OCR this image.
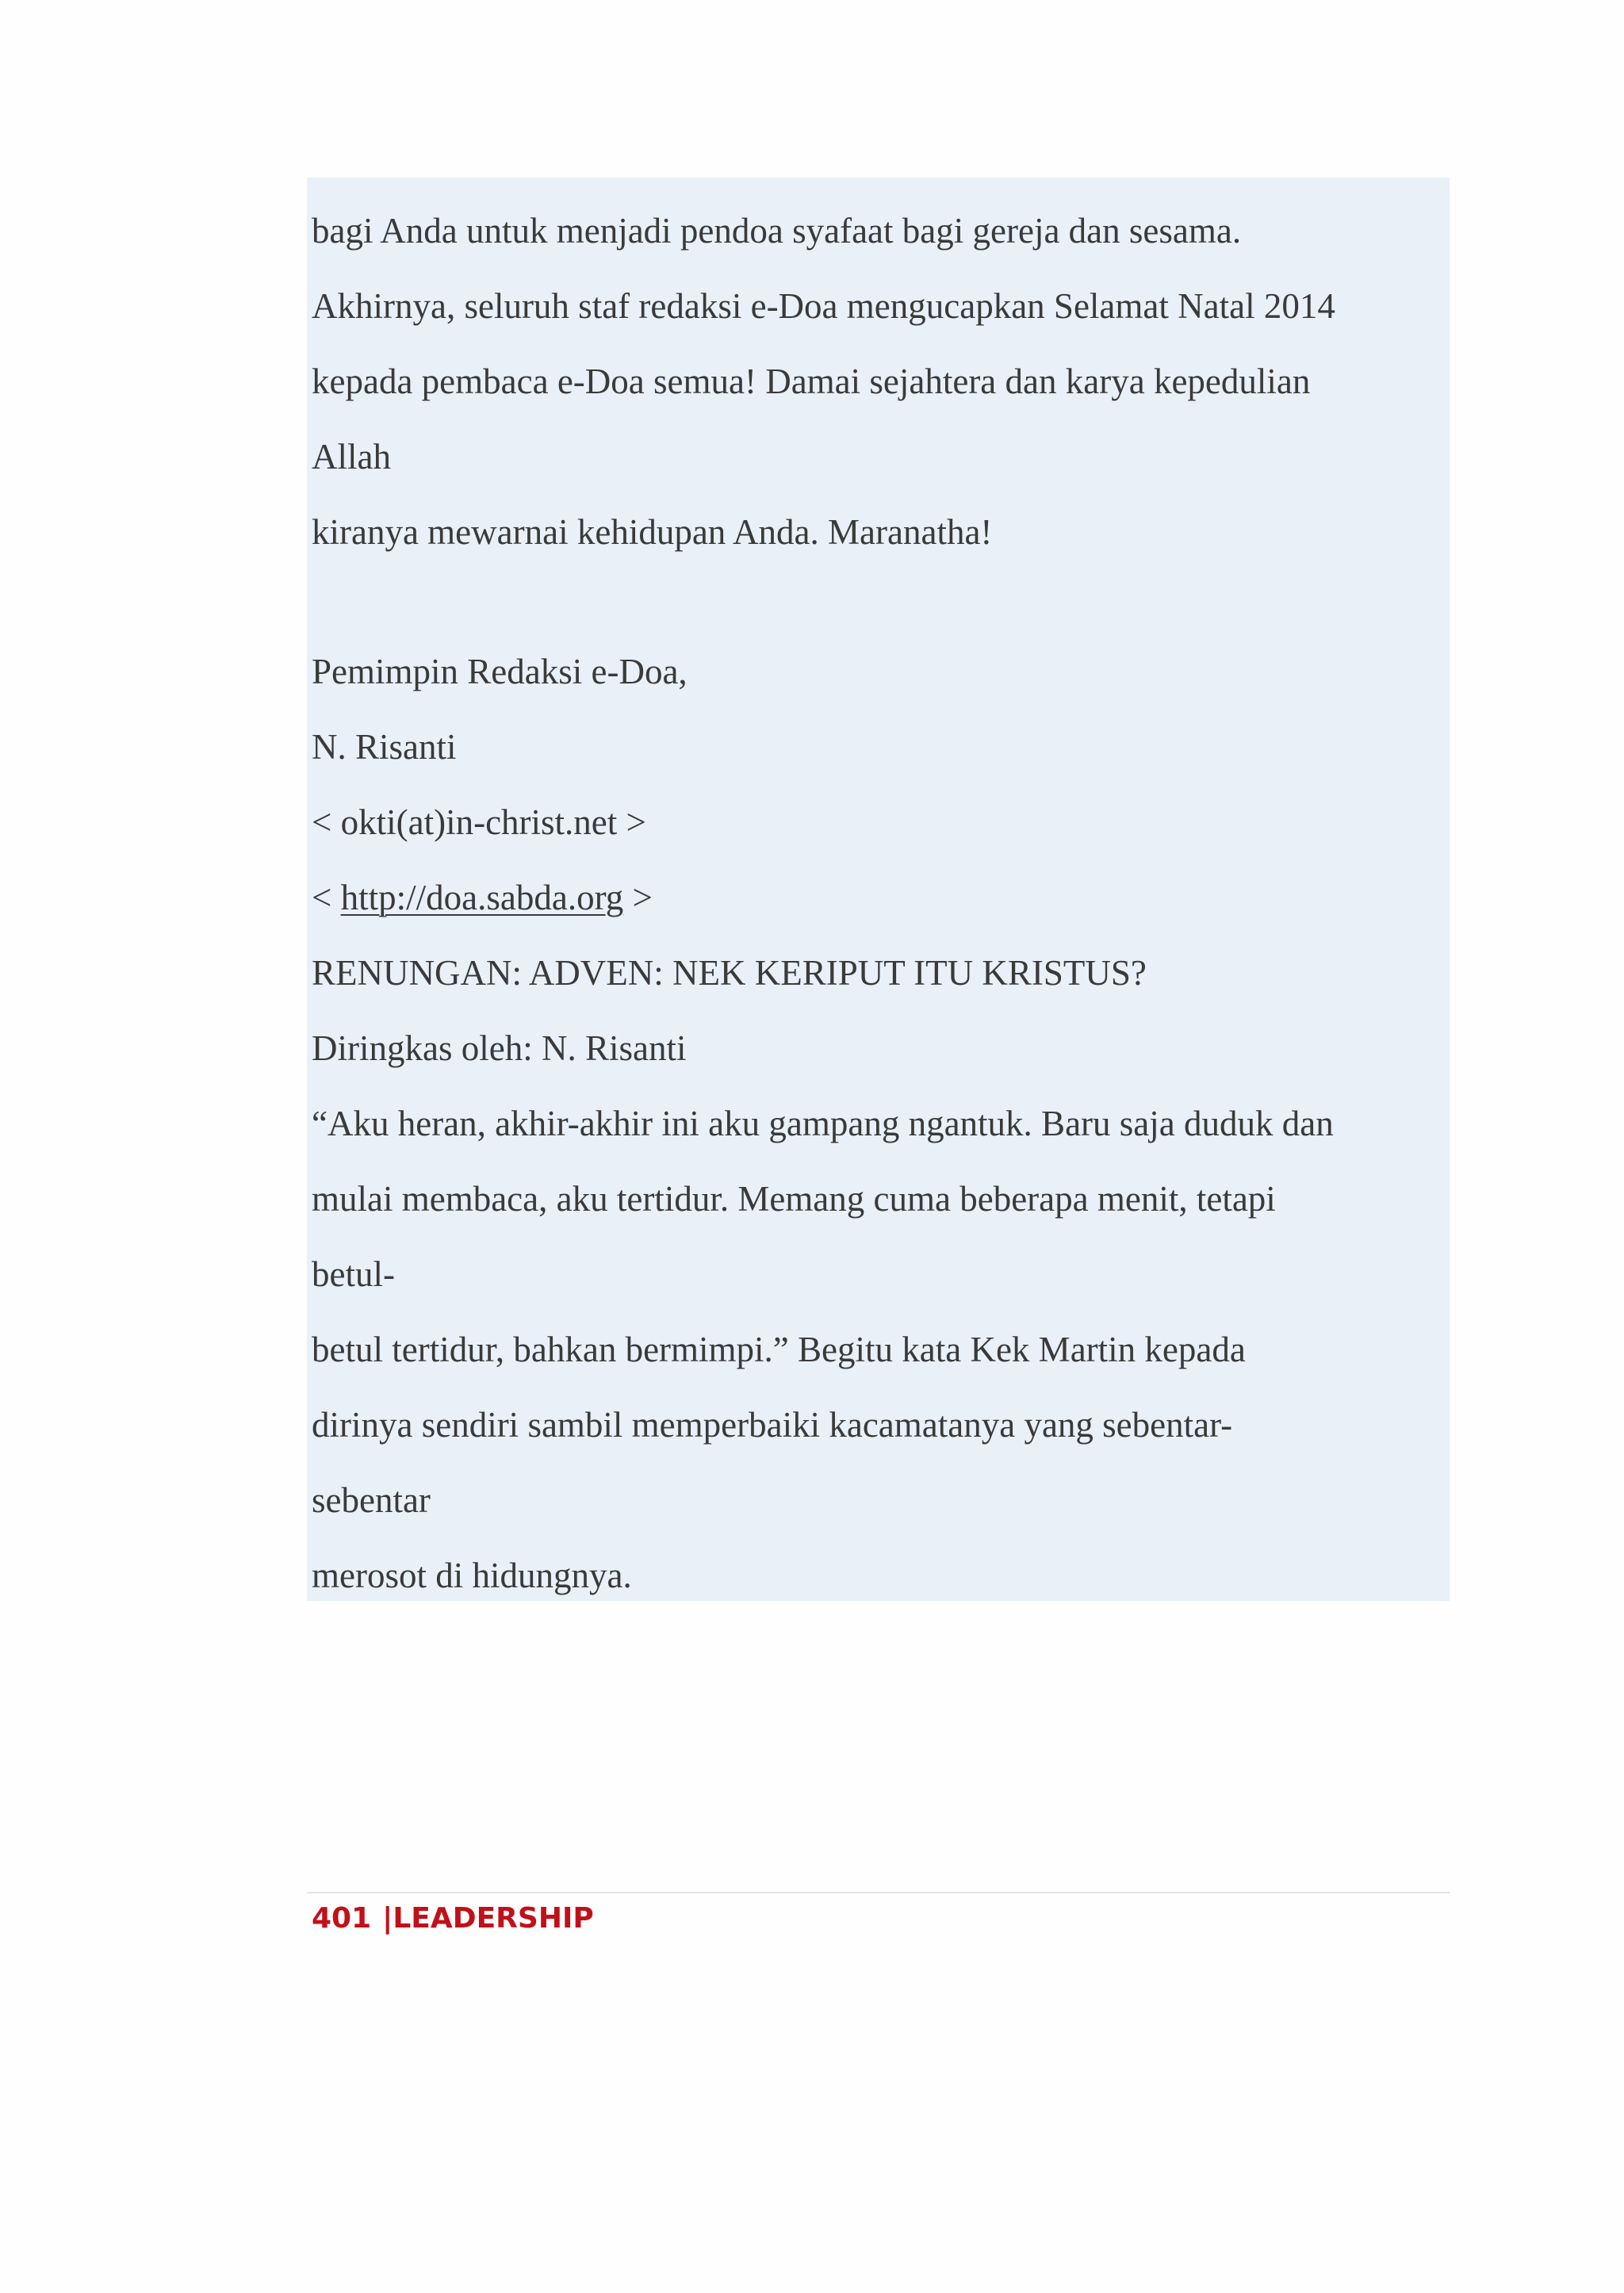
bagi Anda untuk menjadi pendoa syafaat bagi gereja dan sesama.
Akhirnya, seluruh staf redaksi e-Doa mengucapkan Selamat Natal 2014
kepada pembaca e-Doa semua! Damai sejahtera dan karya kepedulian
Allah
kiranya mewarnai kehidupan Anda. Maranatha!
Pemimpin Redaksi e-Doa,
N. Risanti
< okti(at)in-christ.net >
< http://doa.sabda.org >
RENUNGAN: ADVEN: NEK KERIPUT ITU KRISTUS?
Diringkas oleh: N. Risanti
“Aku heran, akhir-akhir ini aku gampang ngantuk. Baru saja duduk dan
mulai membaca, aku tertidur. Memang cuma beberapa menit, tetapi
betul-
betul tertidur, bahkan bermimpi.” Begitu kata Kek Martin kepada
dirinya sendiri sambil memperbaiki kacamatanya yang sebentar-
sebentar
merosot di hidungnya.
401 |LEADERSHIP
